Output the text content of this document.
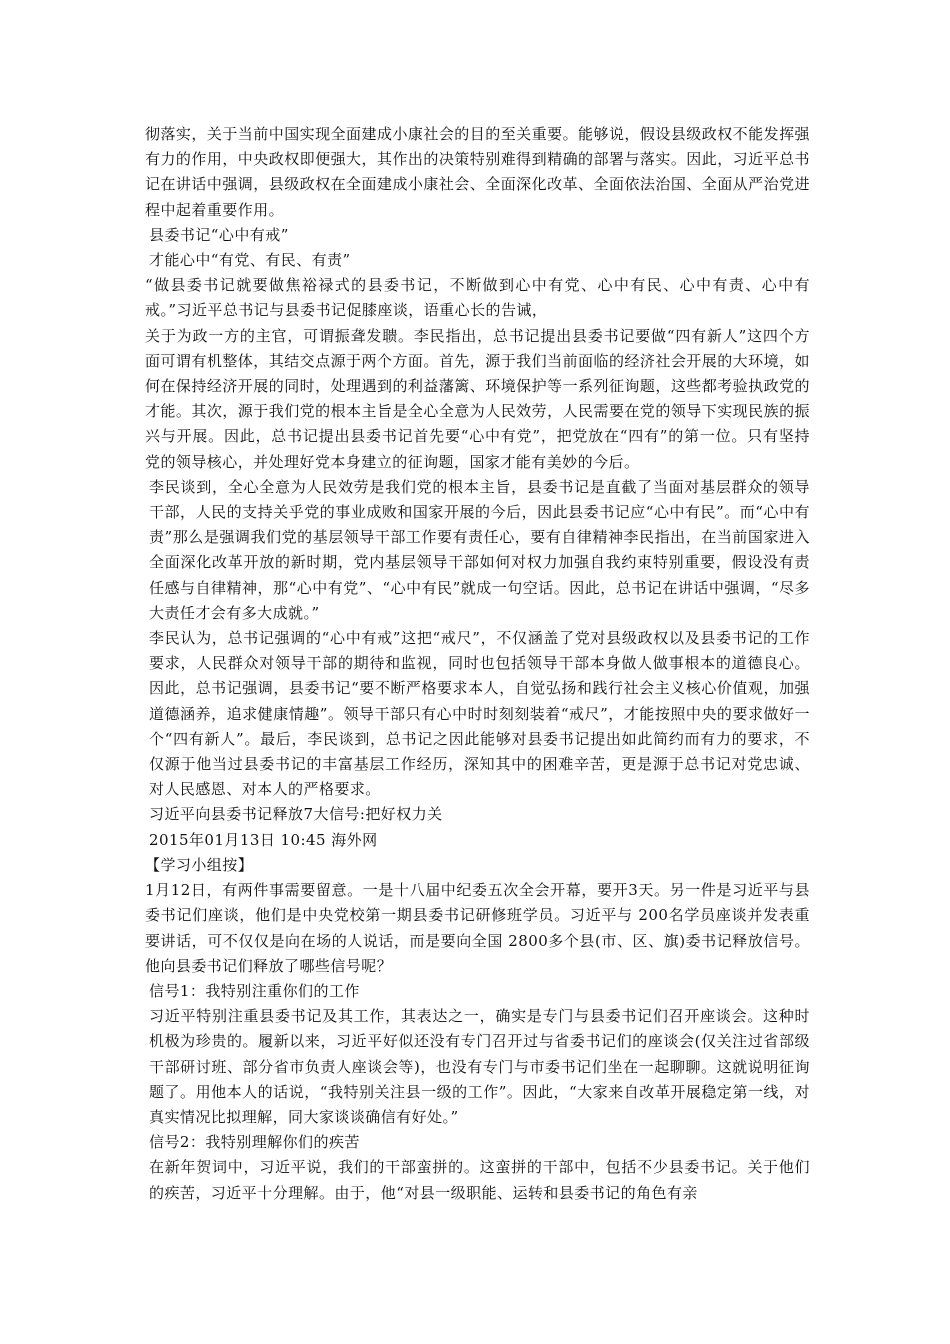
彻落实，关于当前中国实现全面建成小康社会的目的至关重要。能够说，假设县级政权不能发挥强有力的作用，中央政权即便强大，其作出的决策特别难得到精确的部署与落实。因此，习近平总书记在讲话中强调，县级政权在全面建成小康社会、全面深化改革、全面依法治国、全面从严治党进程中起着重要作用。

县委书记“心中有戒”

才能心中“有党、有民、有责”

“做县委书记就要做焦裕禄式的县委书记，不断做到心中有党、心中有民、心中有责、心中有戒。”习近平总书记与县委书记促膝座谈，语重心长的告诫，

关于为政一方的主官，可谓振聋发聩。李民指出，总书记提出县委书记要做“四有新人”这四个方面可谓有机整体，其结交点源于两个方面。首先，源于我们当前面临的经济社会开展的大环境，如何在保持经济开展的同时，处理遇到的利益藩篱、环境保护等一系列征询题，这些都考验执政党的才能。其次，源于我们党的根本主旨是全心全意为人民效劳，人民需要在党的领导下实现民族的振兴与开展。因此，总书记提出县委书记首先要“心中有党”，把党放在“四有”的第一位。只有坚持党的领导核心，并处理好党本身建立的征询题，国家才能有美妙的今后。

李民谈到，全心全意为人民效劳是我们党的根本主旨，县委书记是直截了当面对基层群众的领导干部，人民的支持关乎党的事业成败和国家开展的今后，因此县委书记应“心中有民”。而“心中有责”那么是强调我们党的基层领导干部工作要有责任心，要有自律精神李民指出，在当前国家进入全面深化改革开放的新时期，党内基层领导干部如何对权力加强自我约束特别重要，假设没有责任感与自律精神，那“心中有党”、“心中有民”就成一句空话。因此，总书记在讲话中强调，“尽多大责任才会有多大成就。”

李民认为，总书记强调的“心中有戒”这把“戒尺”，不仅涵盖了党对县级政权以及县委书记的工作要求，人民群众对领导干部的期待和监视，同时也包括领导干部本身做人做事根本的道德良心。因此，总书记强调，县委书记“要不断严格要求本人，自觉弘扬和践行社会主义核心价值观，加强道德涵养，追求健康情趣”。领导干部只有心中时时刻刻装着“戒尺”，才能按照中央的要求做好一个“四有新人”。最后，李民谈到，总书记之因此能够对县委书记提出如此简约而有力的要求，不仅源于他当过县委书记的丰富基层工作经历，深知其中的困难辛苦，更是源于总书记对党忠诚、对人民感恩、对本人的严格要求。

习近平向县委书记释放7大信号:把好权力关

2015年01月13日 10:45 海外网

【学习小组按】

1月12日，有两件事需要留意。一是十八届中纪委五次全会开幕，要开3天。另一件是习近平与县委书记们座谈，他们是中央党校第一期县委书记研修班学员。习近平与 200名学员座谈并发表重要讲话，可不仅仅是向在场的人说话，而是要向全国 2800多个县(市、区、旗)委书记释放信号。他向县委书记们释放了哪些信号呢？

信号1：我特别注重你们的工作

习近平特别注重县委书记及其工作，其表达之一，确实是专门与县委书记们召开座谈会。这种时机极为珍贵的。履新以来，习近平好似还没有专门召开过与省委书记们的座谈会(仅关注过省部级干部研讨班、部分省市负责人座谈会等)，也没有专门与市委书记们坐在一起聊聊。这就说明征询题了。用他本人的话说，“我特别关注县一级的工作”。因此，“大家来自改革开展稳定第一线，对真实情况比拟理解，同大家谈谈确信有好处。”

信号2：我特别理解你们的疾苦

在新年贺词中，习近平说，我们的干部蛮拼的。这蛮拼的干部中，包括不少县委书记。关于他们的疾苦，习近平十分理解。由于，他“对县一级职能、运转和县委书记的角色有亲
